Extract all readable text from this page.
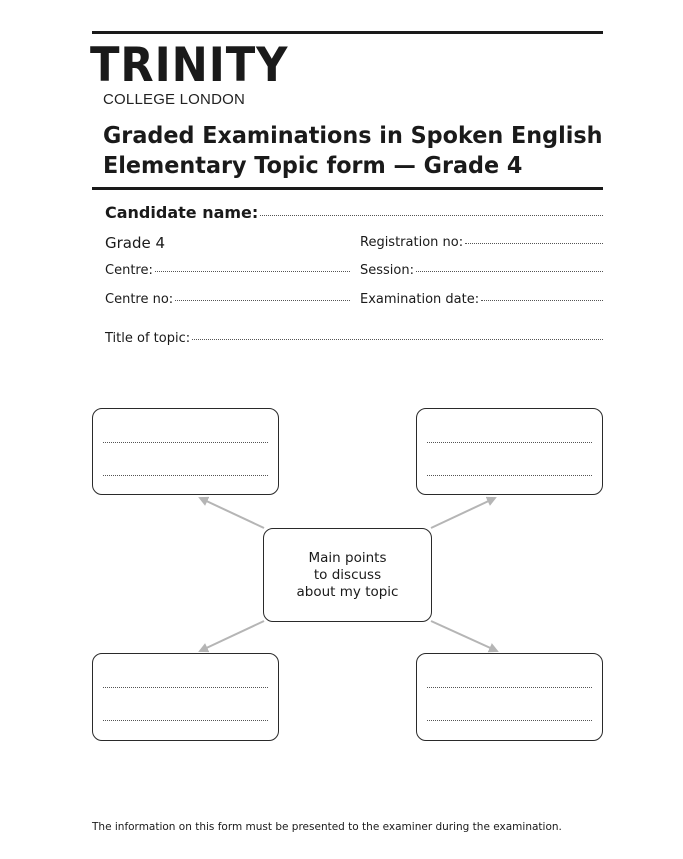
TRINITY
COLLEGE LONDON
Graded Examinations in Spoken English
Elementary Topic form — Grade 4
Candidate name:
Grade 4	Registration no:
Centre:	Session:
Centre no:	Examination date:
Title of topic:
Main points
to discuss
about my topic
The information on this form must be presented to the examiner during the examination.
